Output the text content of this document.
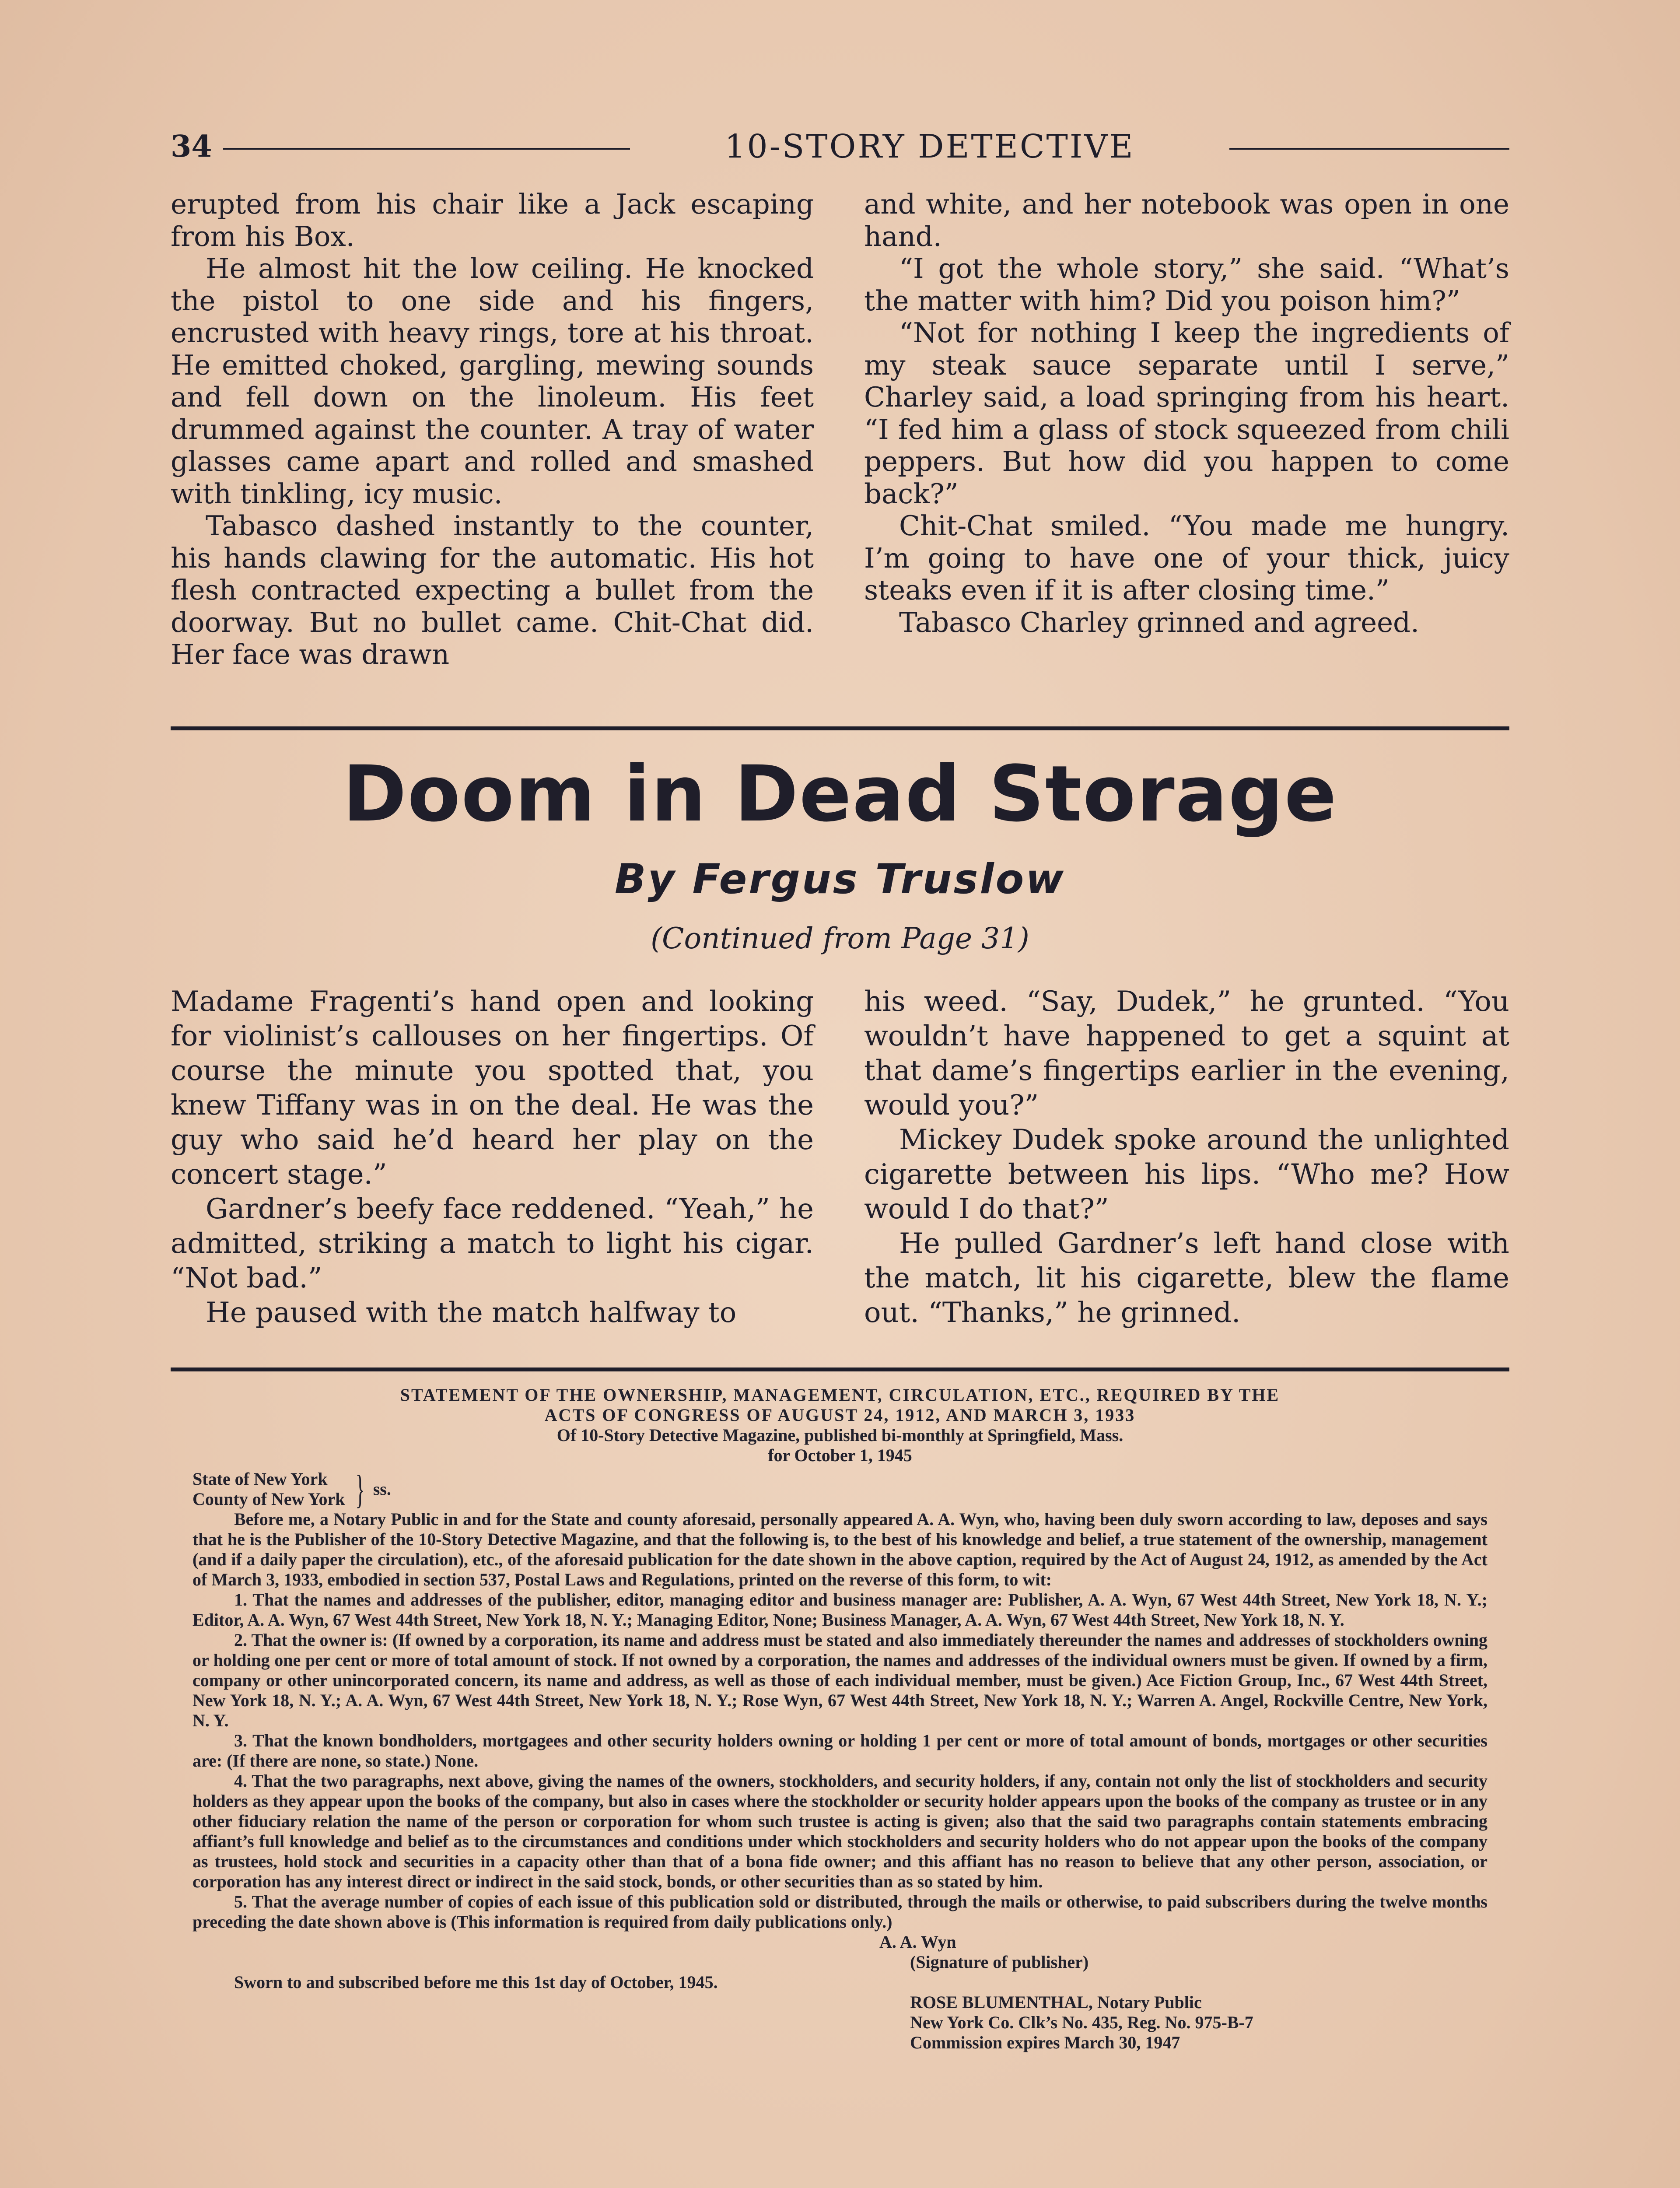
34	10-STORY DETECTIVE

erupted from his chair like a Jack escaping from his Box.

He almost hit the low ceiling. He knocked the pistol to one side and his fingers, encrusted with heavy rings, tore at his throat. He emitted choked, gargling, mewing sounds and fell down on the linoleum. His feet drummed against the counter. A tray of water glasses came apart and rolled and smashed with tinkling, icy music.

Tabasco dashed instantly to the counter, his hands clawing for the automatic. His hot flesh contracted expecting a bullet from the doorway. But no bullet came. Chit-Chat did. Her face was drawn

and white, and her notebook was open in one hand.

“I got the whole story,” she said. “What’s the matter with him? Did you poison him?”

“Not for nothing I keep the ingredients of my steak sauce separate until I serve,” Charley said, a load springing from his heart. “I fed him a glass of stock squeezed from chili peppers. But how did you happen to come back?”

Chit-Chat smiled. “You made me hungry. I’m going to have one of your thick, juicy steaks even if it is after closing time.”

Tabasco Charley grinned and agreed.

Doom in Dead Storage
By Fergus Truslow
(Continued from Page 31)

Madame Fragenti’s hand open and looking for violinist’s callouses on her fingertips. Of course the minute you spotted that, you knew Tiffany was in on the deal. He was the guy who said he’d heard her play on the concert stage.”

Gardner’s beefy face reddened. “Yeah,” he admitted, striking a match to light his cigar. “Not bad.”

He paused with the match halfway to

his weed. “Say, Dudek,” he grunted. “You wouldn’t have happened to get a squint at that dame’s fingertips earlier in the evening, would you?”

Mickey Dudek spoke around the unlighted cigarette between his lips. “Who me? How would I do that?”

He pulled Gardner’s left hand close with the match, lit his cigarette, blew the flame out. “Thanks,” he grinned.

STATEMENT OF THE OWNERSHIP, MANAGEMENT, CIRCULATION, ETC., REQUIRED BY THE

ACTS OF CONGRESS OF AUGUST 24, 1912, AND MARCH 3, 1933

Of 10-Story Detective Magazine, published bi-monthly at Springfield, Mass.

for October 1, 1945

State of New York
County of New York } ss.

Before me, a Notary Public in and for the State and county aforesaid, personally appeared A. A. Wyn, who, having been duly sworn according to law, deposes and says that he is the Publisher of the 10-Story Detective Magazine, and that the following is, to the best of his knowledge and belief, a true statement of the ownership, management (and if a daily paper the circulation), etc., of the aforesaid publication for the date shown in the above caption, required by the Act of August 24, 1912, as amended by the Act of March 3, 1933, embodied in section 537, Postal Laws and Regulations, printed on the reverse of this form, to wit:

1. That the names and addresses of the publisher, editor, managing editor and business manager are: Publisher, A. A. Wyn, 67 West 44th Street, New York 18, N. Y.; Editor, A. A. Wyn, 67 West 44th Street, New York 18, N. Y.; Managing Editor, None; Business Manager, A. A. Wyn, 67 West 44th Street, New York 18, N. Y.

2. That the owner is: (If owned by a corporation, its name and address must be stated and also immediately thereunder the names and addresses of stockholders owning or holding one per cent or more of total amount of stock. If not owned by a corporation, the names and addresses of the individual owners must be given. If owned by a firm, company or other unincorporated concern, its name and address, as well as those of each individual member, must be given.) Ace Fiction Group, Inc., 67 West 44th Street, New York 18, N. Y.; A. A. Wyn, 67 West 44th Street, New York 18, N. Y.; Rose Wyn, 67 West 44th Street, New York 18, N. Y.; Warren A. Angel, Rockville Centre, New York, N. Y.

3. That the known bondholders, mortgagees and other security holders owning or holding 1 per cent or more of total amount of bonds, mortgages or other securities are: (If there are none, so state.) None.

4. That the two paragraphs, next above, giving the names of the owners, stockholders, and security holders, if any, contain not only the list of stockholders and security holders as they appear upon the books of the company, but also in cases where the stockholder or security holder appears upon the books of the company as trustee or in any other fiduciary relation the name of the person or corporation for whom such trustee is acting is given; also that the said two paragraphs contain statements embracing affiant’s full knowledge and belief as to the circumstances and conditions under which stockholders and security holders who do not appear upon the books of the company as trustees, hold stock and securities in a capacity other than that of a bona fide owner; and this affiant has no reason to believe that any other person, association, or corporation has any interest direct or indirect in the said stock, bonds, or other securities than as so stated by him.

5. That the average number of copies of each issue of this publication sold or distributed, through the mails or otherwise, to paid subscribers during the twelve months preceding the date shown above is (This information is required from daily publications only.)

A. A. Wyn

(Signature of publisher)

Sworn to and subscribed before me this 1st day of October, 1945.

ROSE BLUMENTHAL, Notary Public

New York Co. Clk’s No. 435, Reg. No. 975-B-7

Commission expires March 30, 1947
